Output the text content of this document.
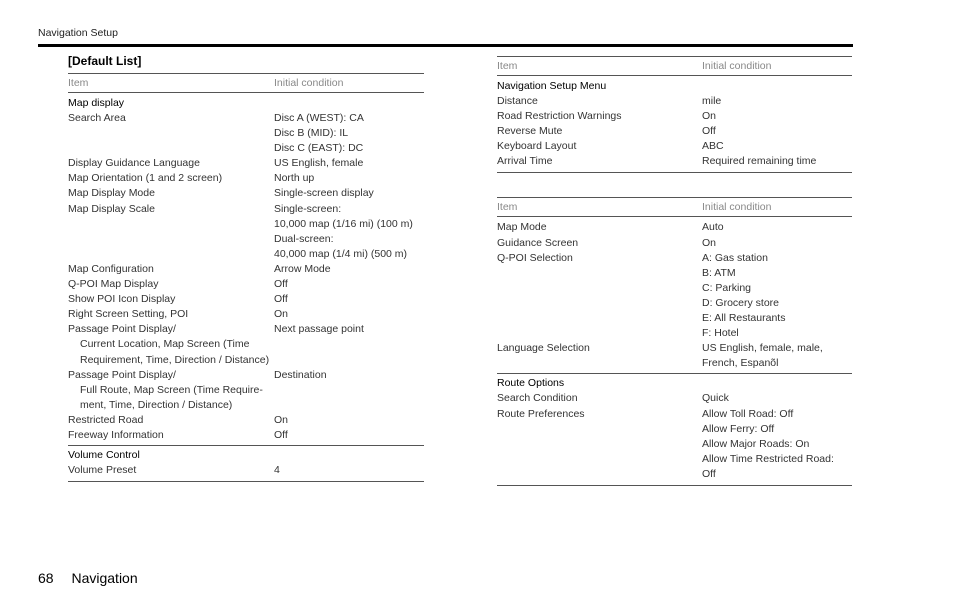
Navigation Setup
[Default List]
Item	Initial condition
Map display
Search Area	Disc A (WEST): CA
Disc B (MID): IL
Disc C (EAST): DC
Display Guidance Language	US English, female
Map Orientation (1 and 2 screen)	North up
Map Display Mode	Single-screen display
Map Display Scale	Single-screen:
10,000 map (1/16 mi) (100 m)
Dual-screen:
40,000 map (1/4 mi) (500 m)
Map Configuration	Arrow Mode
Q-POI Map Display	Off
Show POI Icon Display	Off
Right Screen Setting, POI	On
Passage Point Display/	Next passage point
Current Location, Map Screen (Time
Requirement, Time, Direction / Distance)
Passage Point Display/	Destination
Full Route, Map Screen (Time Require-
ment, Time, Direction / Distance)
Restricted Road	On
Freeway Information	Off
Volume Control
Volume Preset	4
Item	Initial condition
Navigation Setup Menu
Distance	mile
Road Restriction Warnings	On
Reverse Mute	Off
Keyboard Layout	ABC
Arrival Time	Required remaining time
Item	Initial condition
Map Mode	Auto
Guidance Screen	On
Q-POI Selection	A: Gas station
B: ATM
C: Parking
D: Grocery store
E: All Restaurants
F: Hotel
Language Selection	US English, female, male,
French, Espanõl
Route Options
Search Condition	Quick
Route Preferences	Allow Toll Road: Off
Allow Ferry: Off
Allow Major Roads: On
Allow Time Restricted Road:
Off
68 Navigation
